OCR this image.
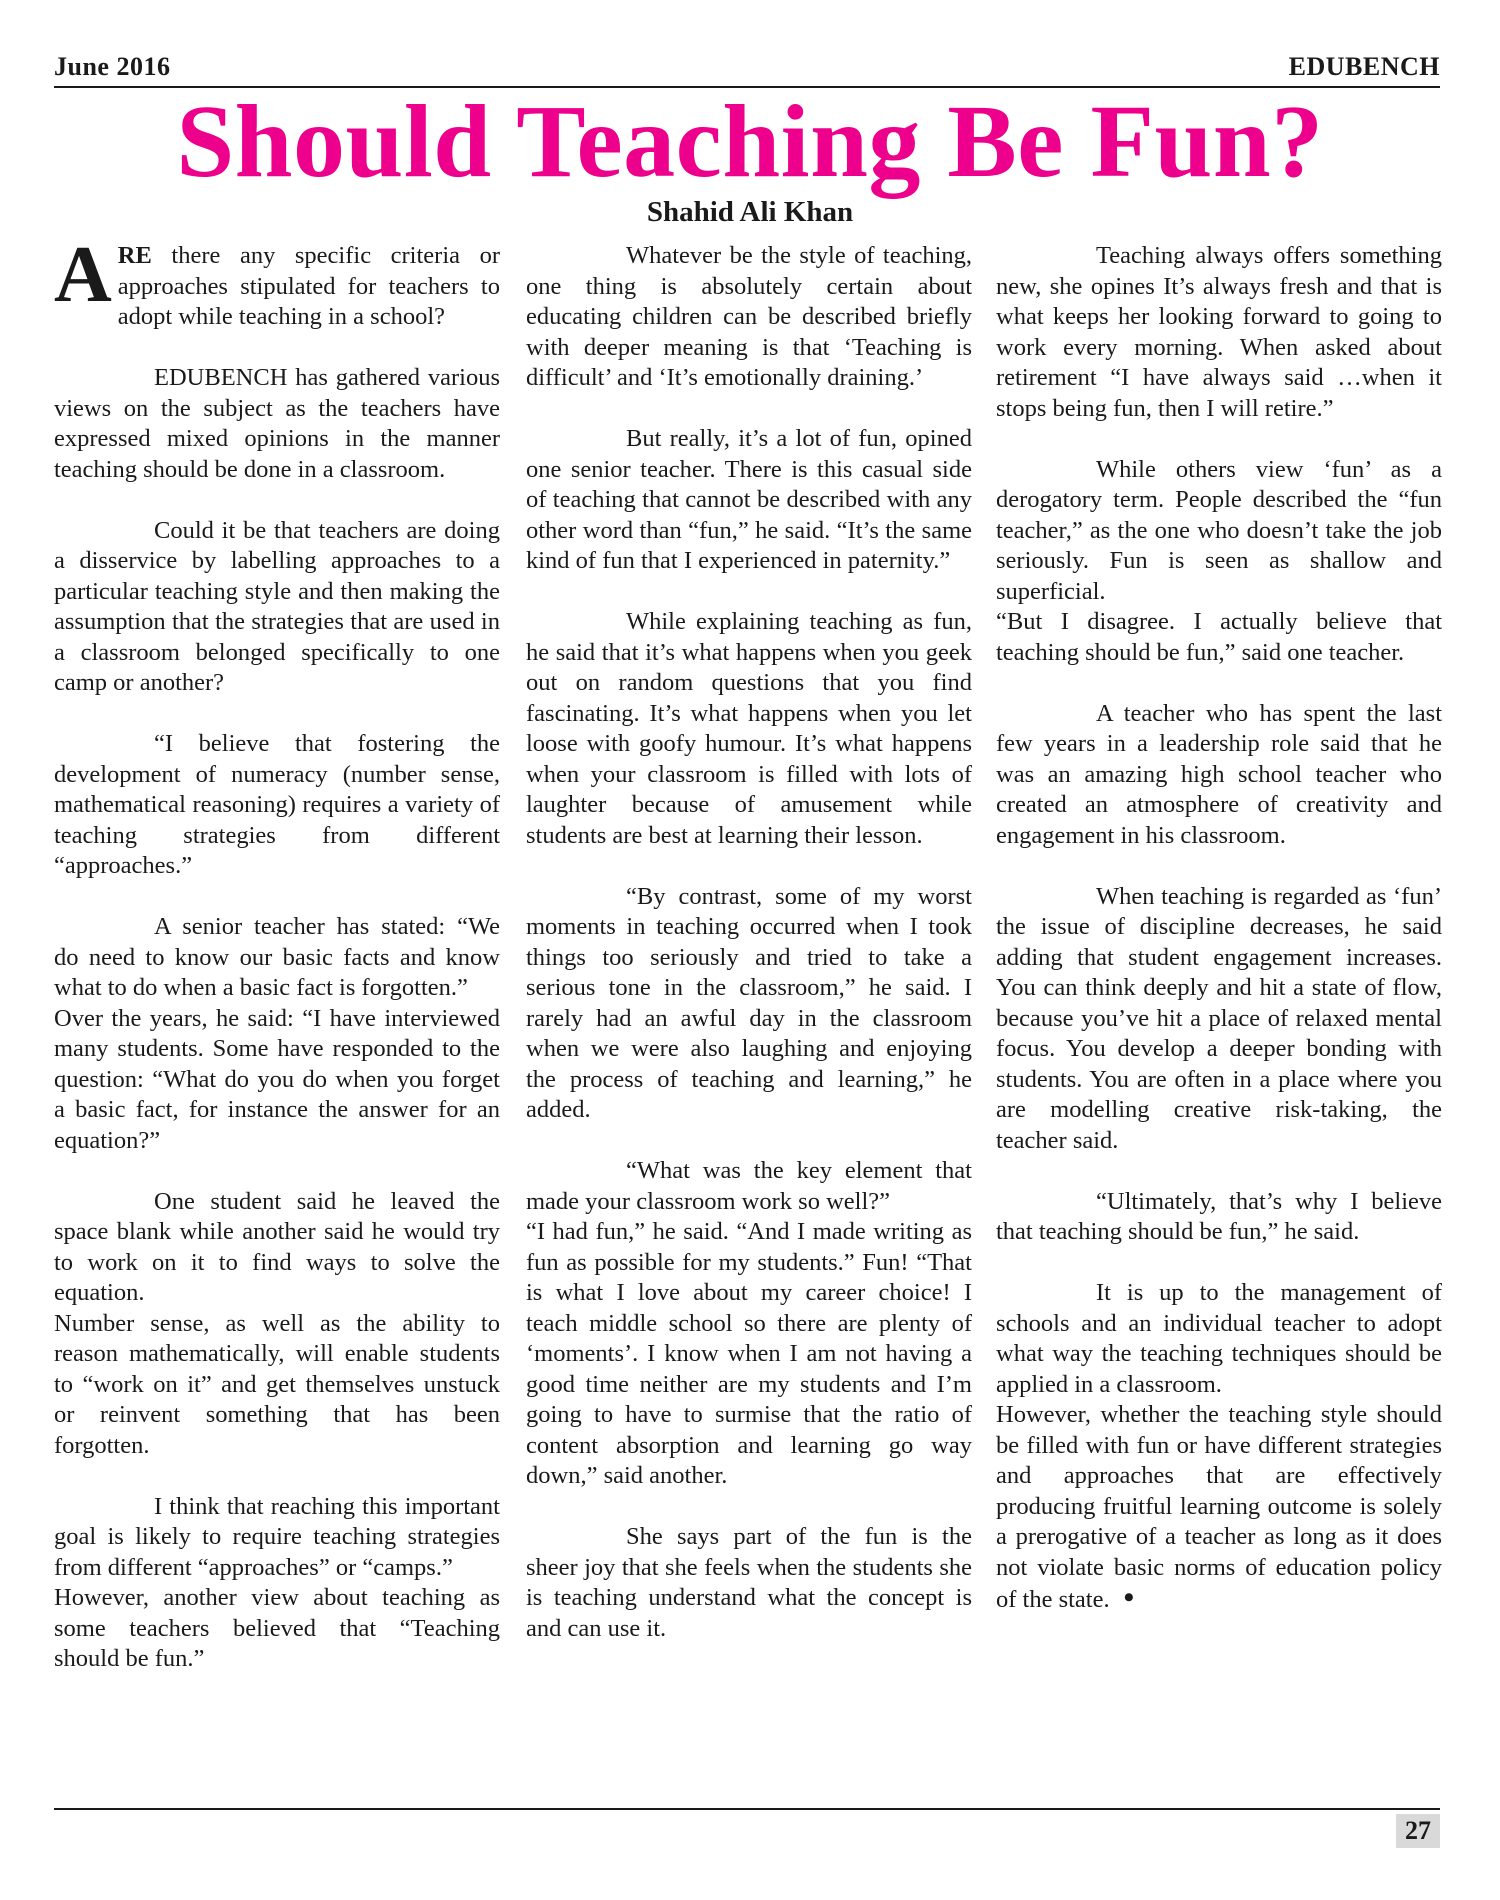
June 2016	EDUBENCH
Should Teaching Be Fun?
Shahid Ali Khan

ARE there any specific criteria or approaches stipulated for teachers to adopt while teaching in a school?

EDUBENCH has gathered various views on the subject as the teachers have expressed mixed opinions in the manner teaching should be done in a classroom.

Could it be that teachers are doing a disservice by labelling approaches to a particular teaching style and then making the assumption that the strategies that are used in a classroom belonged specifically to one camp or another?

“I believe that fostering the development of numeracy (number sense, mathematical reasoning) requires a variety of teaching strategies from different “approaches.”

A senior teacher has stated: “We do need to know our basic facts and know what to do when a basic fact is forgotten.”

Over the years, he said: “I have interviewed many students. Some have responded to the question: “What do you do when you forget a basic fact, for instance the answer for an equation?”

One student said he leaved the space blank while another said he would try to work on it to find ways to solve the equation.

Number sense, as well as the ability to reason mathematically, will enable students to “work on it” and get themselves unstuck or reinvent something that has been forgotten.

I think that reaching this important goal is likely to require teaching strategies from different “approaches” or “camps.”

However, another view about teaching as some teachers believed that “Teaching should be fun.”

Whatever be the style of teaching, one thing is absolutely certain about educating children can be described briefly with deeper meaning is that ‘Teaching is difficult’ and ‘It’s emotionally draining.’

But really, it’s a lot of fun, opined one senior teacher. There is this casual side of teaching that cannot be described with any other word than “fun,” he said. “It’s the same kind of fun that I experienced in paternity.”

While explaining teaching as fun, he said that it’s what happens when you geek out on random questions that you find fascinating. It’s what happens when you let loose with goofy humour. It’s what happens when your classroom is filled with lots of laughter because of amusement while students are best at learning their lesson.

“By contrast, some of my worst moments in teaching occurred when I took things too seriously and tried to take a serious tone in the classroom,” he said. I rarely had an awful day in the classroom when we were also laughing and enjoying the process of teaching and learning,” he added.

“What was the key element that made your classroom work so well?”

“I had fun,” he said. “And I made writing as fun as possible for my students.” Fun! “That is what I love about my career choice! I teach middle school so there are plenty of ‘moments’. I know when I am not having a good time neither are my students and I’m going to have to surmise that the ratio of content absorption and learning go way down,” said another.

She says part of the fun is the sheer joy that she feels when the students she is teaching understand what the concept is and can use it.

Teaching always offers something new, she opines It’s always fresh and that is what keeps her looking forward to going to work every morning. When asked about retirement “I have always said …when it stops being fun, then I will retire.”

While others view ‘fun’ as a derogatory term. People described the “fun teacher,” as the one who doesn’t take the job seriously. Fun is seen as shallow and superficial.

“But I disagree. I actually believe that teaching should be fun,” said one teacher.

A teacher who has spent the last few years in a leadership role said that he was an amazing high school teacher who created an atmosphere of creativity and engagement in his classroom.

When teaching is regarded as ‘fun’ the issue of discipline decreases, he said adding that student engagement increases. You can think deeply and hit a state of flow, because you’ve hit a place of relaxed mental focus. You develop a deeper bonding with students. You are often in a place where you are modelling creative risk-taking, the teacher said.

“Ultimately, that’s why I believe that teaching should be fun,” he said.

It is up to the management of schools and an individual teacher to adopt what way the teaching techniques should be applied in a classroom.

However, whether the teaching style should be filled with fun or have different strategies and approaches that are effectively producing fruitful learning outcome is solely a prerogative of a teacher as long as it does not violate basic norms of education policy of the state. •

27
